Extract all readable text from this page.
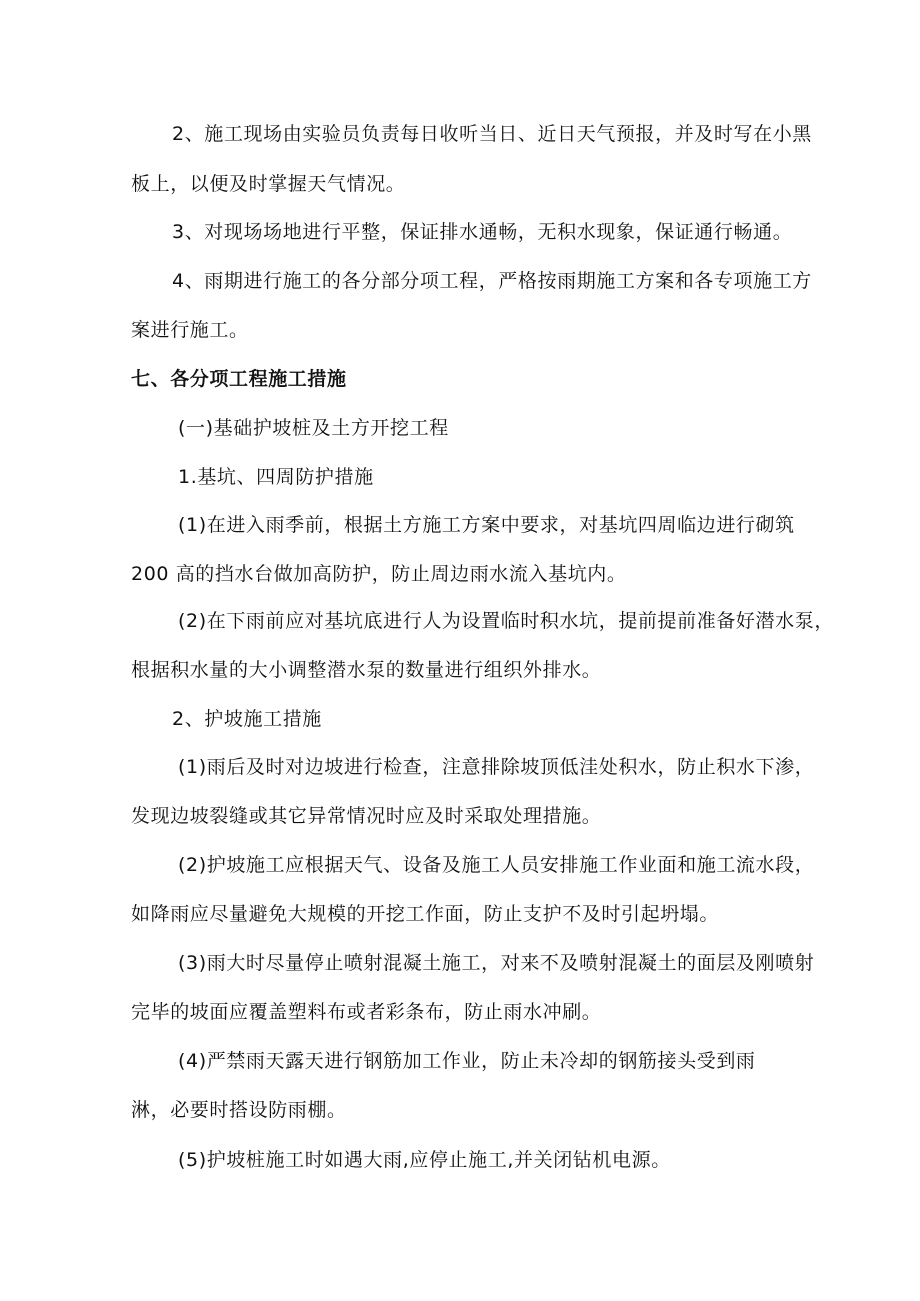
2、施工现场由实验员负责每日收听当日、近日天气预报，并及时写在小黑

板上，以便及时掌握天气情况。

3、对现场场地进行平整，保证排水通畅，无积水现象，保证通行畅通。

4、雨期进行施工的各分部分项工程，严格按雨期施工方案和各专项施工方

案进行施工。

七、各分项工程施工措施

(一)基础护坡桩及土方开挖工程

1.基坑、四周防护措施

(1)在进入雨季前，根据土方施工方案中要求，对基坑四周临边进行砌筑

200 高的挡水台做加高防护，防止周边雨水流入基坑内。

(2)在下雨前应对基坑底进行人为设置临时积水坑，提前提前准备好潜水泵，

根据积水量的大小调整潜水泵的数量进行组织外排水。

2、护坡施工措施

(1)雨后及时对边坡进行检查，注意排除坡顶低洼处积水，防止积水下渗，

发现边坡裂缝或其它异常情况时应及时采取处理措施。

(2)护坡施工应根据天气、设备及施工人员安排施工作业面和施工流水段，

如降雨应尽量避免大规模的开挖工作面，防止支护不及时引起坍塌。

(3)雨大时尽量停止喷射混凝土施工，对来不及喷射混凝土的面层及刚喷射

完毕的坡面应覆盖塑料布或者彩条布，防止雨水冲刷。

(4)严禁雨天露天进行钢筋加工作业，防止未冷却的钢筋接头受到雨

淋，必要时搭设防雨棚。

(5)护坡桩施工时如遇大雨,应停止施工,并关闭钻机电源。
